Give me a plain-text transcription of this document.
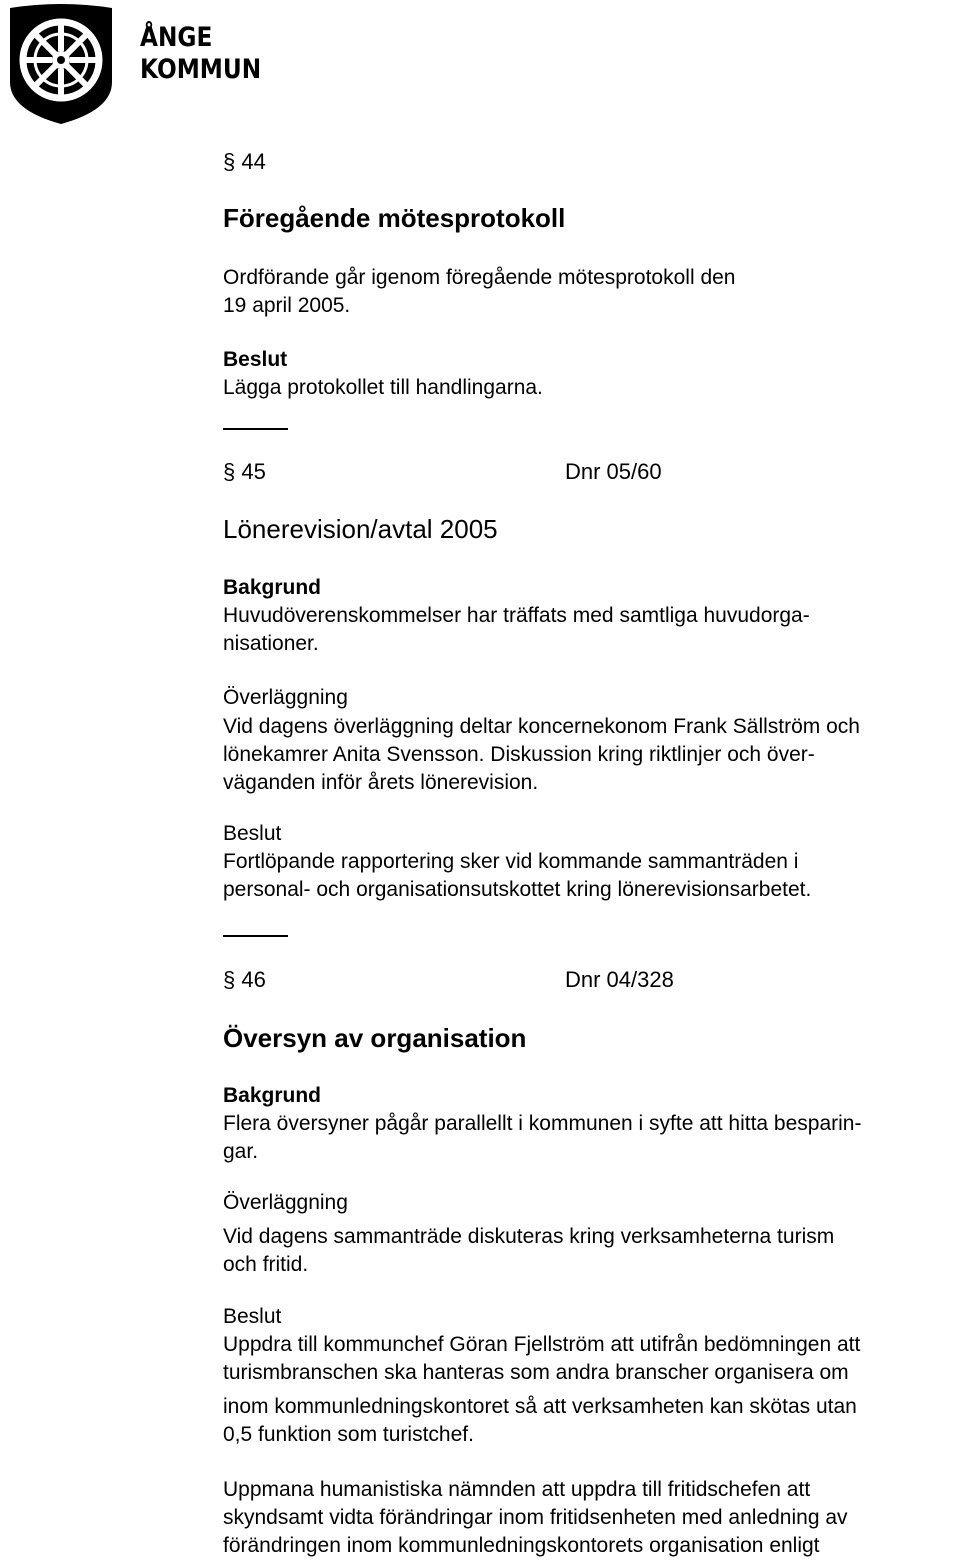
ÅNGE
KOMMUN
§ 44
Föregående mötesprotokoll
Ordförande går igenom föregående mötesprotokoll den
19 april 2005.
Beslut
Lägga protokollet till handlingarna.
§ 45	Dnr 05/60
Lönerevision/avtal 2005
Bakgrund
Huvudöverenskommelser har träffats med samtliga huvudorga-
nisationer.
Överläggning
Vid dagens överläggning deltar koncernekonom Frank Sällström och
lönekamrer Anita Svensson. Diskussion kring riktlinjer och över-
väganden inför årets lönerevision.
Beslut
Fortlöpande rapportering sker vid kommande sammanträden i
personal- och organisationsutskottet kring lönerevisionsarbetet.
§ 46	Dnr 04/328
Översyn av organisation
Bakgrund
Flera översyner pågår parallellt i kommunen i syfte att hitta besparin-
gar.
Överläggning
Vid dagens sammanträde diskuteras kring verksamheterna turism
och fritid.
Beslut
Uppdra till kommunchef Göran Fjellström att utifrån bedömningen att
turismbranschen ska hanteras som andra branscher organisera om
inom kommunledningskontoret så att verksamheten kan skötas utan
0,5 funktion som turistchef.
Uppmana humanistiska nämnden att uppdra till fritidschefen att
skyndsamt vidta förändringar inom fritidsenheten med anledning av
förändringen inom kommunledningskontorets organisation enligt
